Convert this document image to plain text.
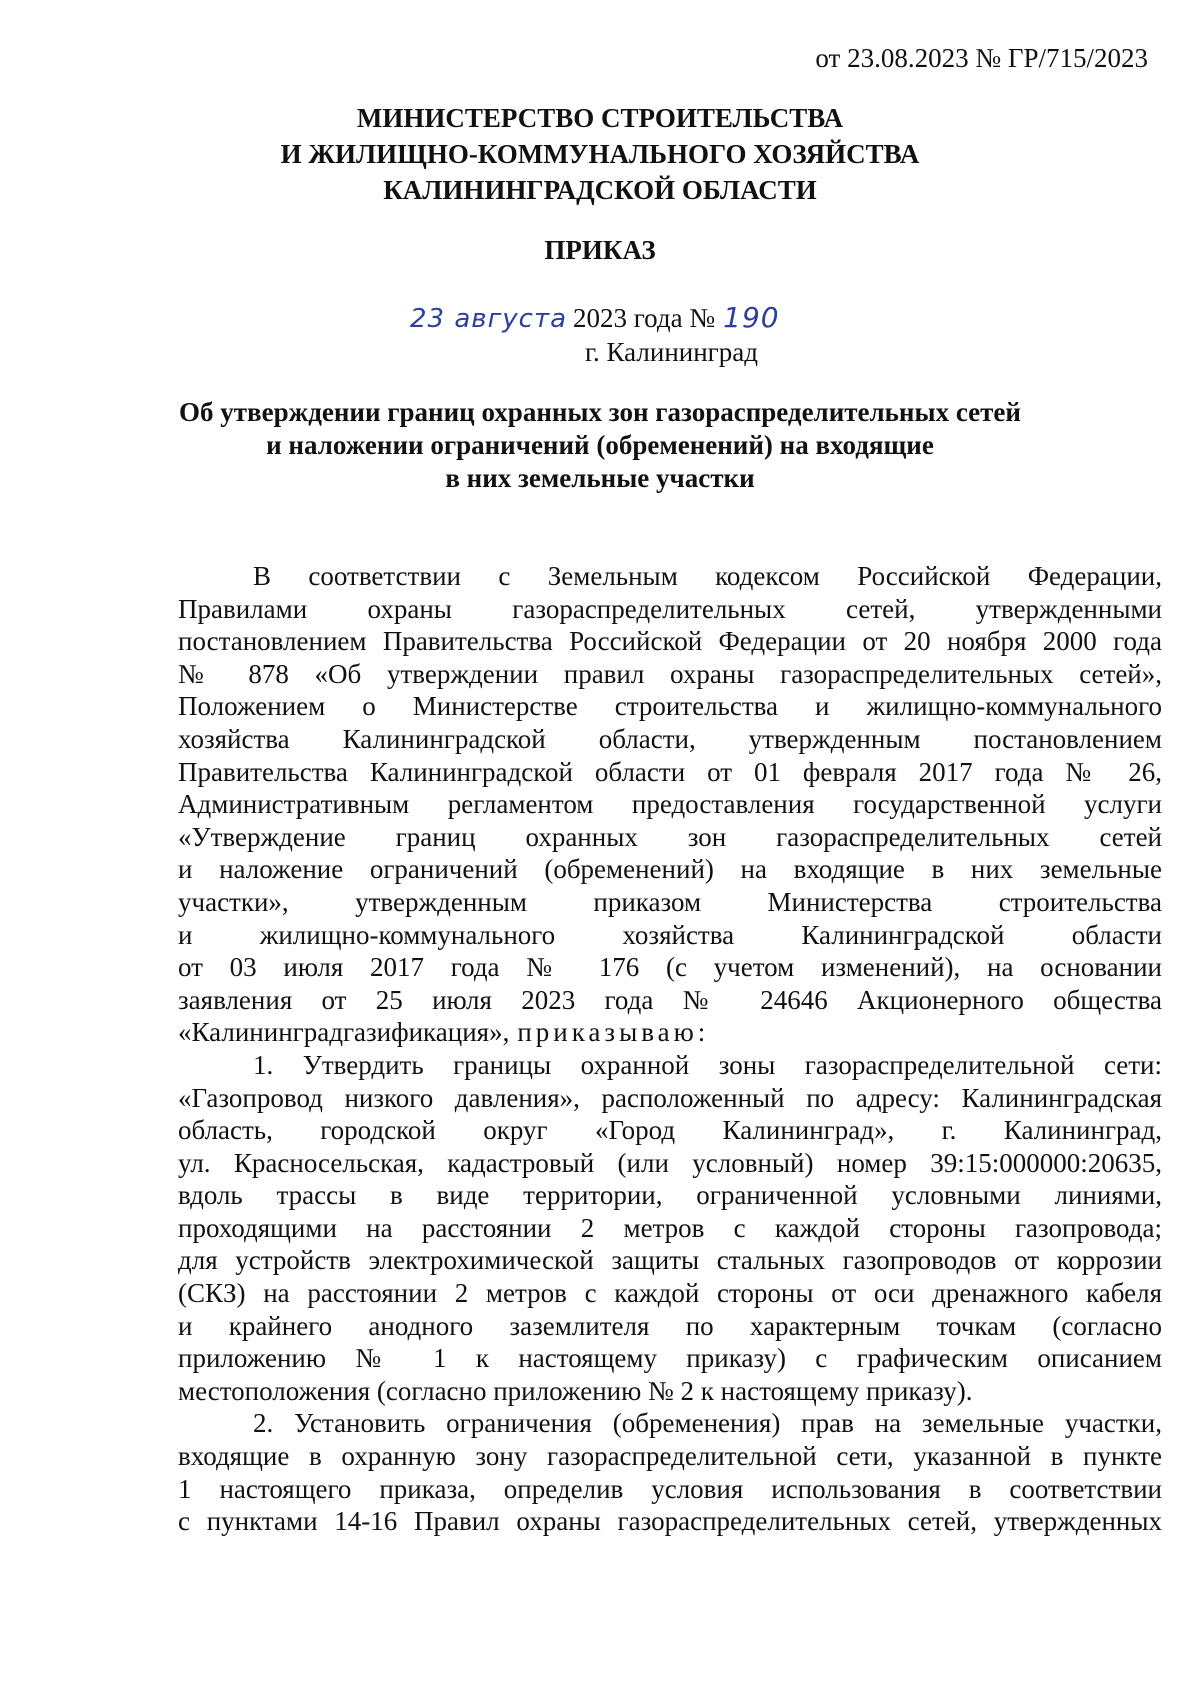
от 23.08.2023 № ГР/715/2023
МИНИСТЕРСТВО СТРОИТЕЛЬСТВА
И ЖИЛИЩНО-КОММУНАЛЬНОГО ХОЗЯЙСТВА
КАЛИНИНГРАДСКОЙ ОБЛАСТИ
ПРИКАЗ
23 августа 2023 года № 190
г. Калининград
Об утверждении границ охранных зон газораспределительных сетей
и наложении ограничений (обременений) на входящие
в них земельные участки
В соответствии с Земельным кодексом Российской Федерации,
Правилами охраны газораспределительных сетей, утвержденными
постановлением Правительства Российской Федерации от 20 ноября 2000 года
№ 878 «Об утверждении правил охраны газораспределительных сетей»,
Положением о Министерстве строительства и жилищно-коммунального
хозяйства Калининградской области, утвержденным постановлением
Правительства Калининградской области от 01 февраля 2017 года № 26,
Административным регламентом предоставления государственной услуги
«Утверждение границ охранных зон газораспределительных сетей
и наложение ограничений (обременений) на входящие в них земельные
участки», утвержденным приказом Министерства строительства
и жилищно-коммунального хозяйства Калининградской области
от 03 июля 2017 года № 176 (с учетом изменений), на основании
заявления от 25 июля 2023 года № 24646 Акционерного общества
«Калининградгазификация», приказываю:
1. Утвердить границы охранной зоны газораспределительной сети:
«Газопровод низкого давления», расположенный по адресу: Калининградская
область, городской округ «Город Калининград», г. Калининград,
ул. Красносельская, кадастровый (или условный) номер 39:15:000000:20635,
вдоль трассы в виде территории, ограниченной условными линиями,
проходящими на расстоянии 2 метров с каждой стороны газопровода;
для устройств электрохимической защиты стальных газопроводов от коррозии
(СКЗ) на расстоянии 2 метров с каждой стороны от оси дренажного кабеля
и крайнего анодного заземлителя по характерным точкам (согласно
приложению № 1 к настоящему приказу) с графическим описанием
местоположения (согласно приложению № 2 к настоящему приказу).
2. Установить ограничения (обременения) прав на земельные участки,
входящие в охранную зону газораспределительной сети, указанной в пункте
1 настоящего приказа, определив условия использования в соответствии
с пунктами 14-16 Правил охраны газораспределительных сетей, утвержденных
